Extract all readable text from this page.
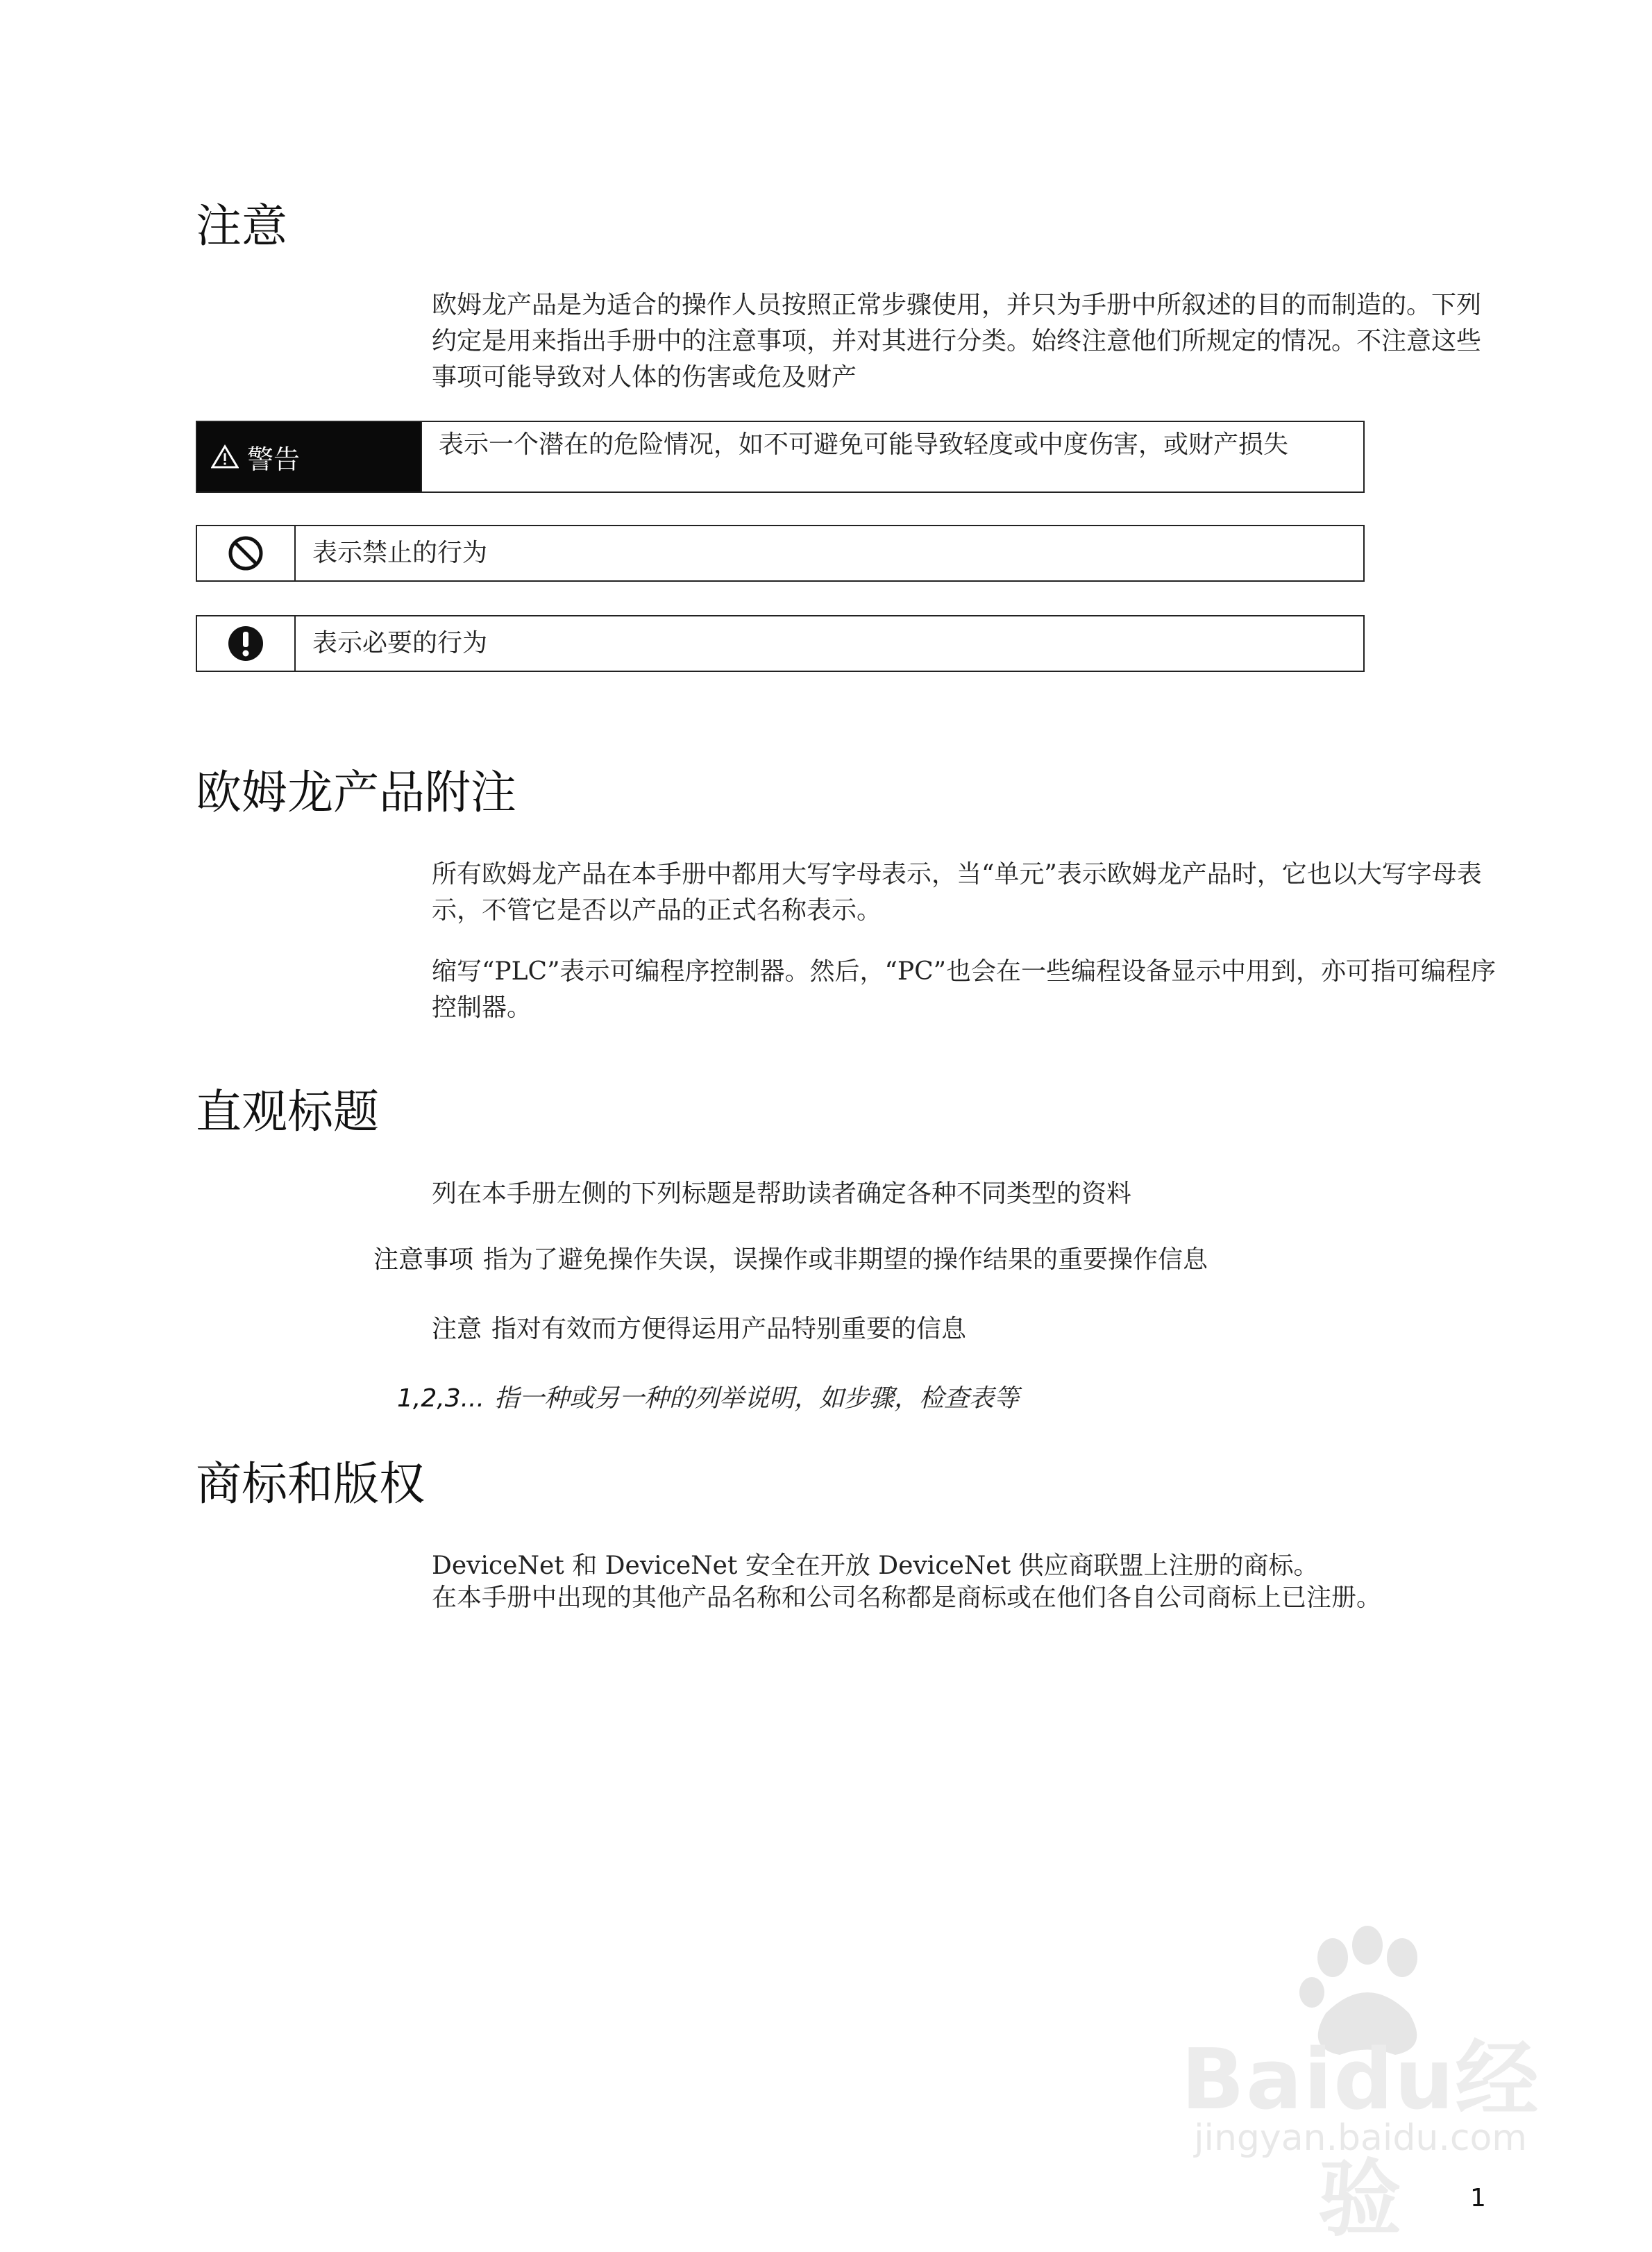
注意

欧姆龙产品是为适合的操作人员按照正常步骤使用，并只为手册中所叙述的目的而制造的。下列约定是用来指出手册中的注意事项，并对其进行分类。始终注意他们所规定的情况。不注意这些事项可能导致对人体的伤害或危及财产

警告	表示一个潜在的危险情况，如不可避免可能导致轻度或中度伤害，或财产损失
表示禁止的行为
表示必要的行为
欧姆龙产品附注

所有欧姆龙产品在本手册中都用大写字母表示，当“单元”表示欧姆龙产品时，它也以大写字母表示，不管它是否以产品的正式名称表示。

缩写“PLC”表示可编程序控制器。然后，“PC”也会在一些编程设备显示中用到，亦可指可编程序控制器。

直观标题

列在本手册左侧的下列标题是帮助读者确定各种不同类型的资料

注意事项 指为了避免操作失误，误操作或非期望的操作结果的重要操作信息
注意 指对有效而方便得运用产品特别重要的信息
1,2,3... 指一种或另一种的列举说明，如步骤，检查表等
商标和版权

DeviceNet 和 DeviceNet 安全在开放 DeviceNet 供应商联盟上注册的商标。

在本手册中出现的其他产品名称和公司名称都是商标或在他们各自公司商标上已注册。

Baidu经验
jingyan.baidu.com
1
